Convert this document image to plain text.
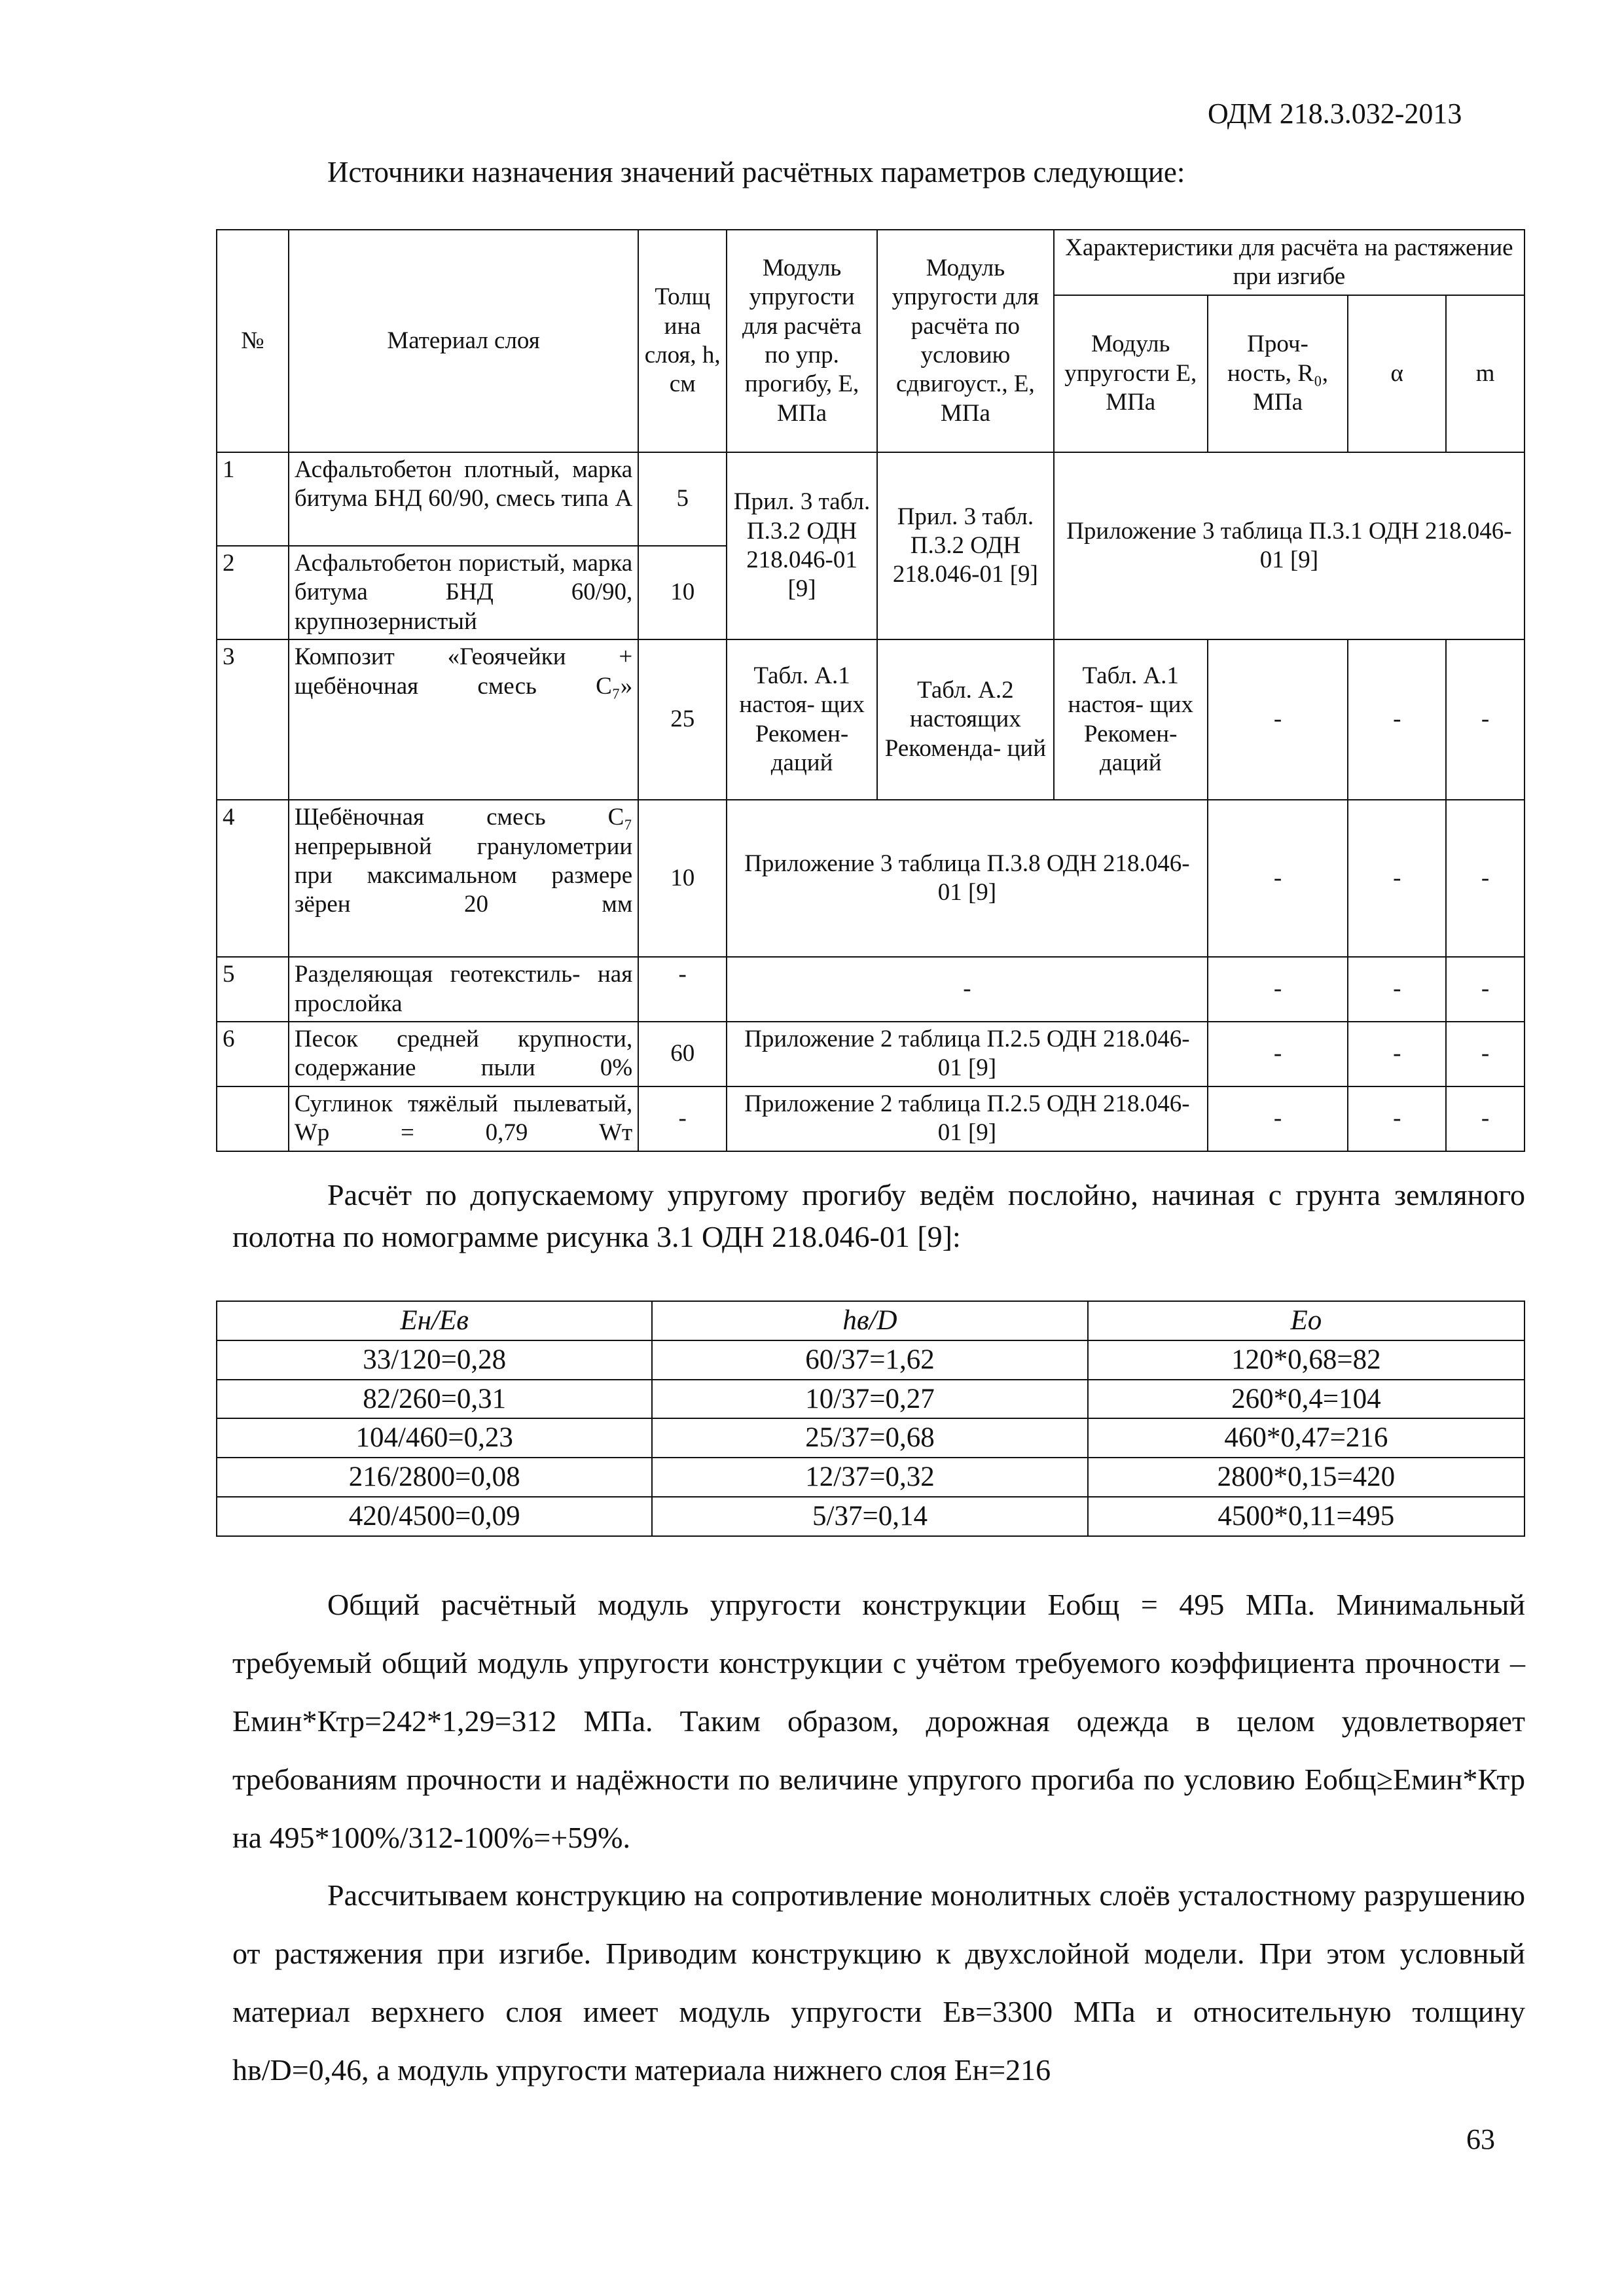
ОДМ 218.3.032-2013
Источники назначения значений расчётных параметров следующие:
№	Материал слоя	Толщ ина слоя, h, см	Модуль упругости для расчёта по упр. прогибу, Е, МПа	Модуль упругости для расчёта по условию сдвигоуст., Е, МПа	Характеристики для расчёта на растяжение при изгибе			
					Модуль упругости Е, МПа	Проч- ность, R₀, МПа	α	m
1	Асфальтобетон плотный, марка битума БНД 60/90, смесь типа А	5	Прил. 3 табл. П.3.2 ОДН 218.046-01 [9]	Прил. 3 табл. П.3.2 ОДН 218.046-01 [9]	Приложение 3 таблица П.3.1 ОДН 218.046-01 [9]			
2	Асфальтобетон пористый, марка битума БНД 60/90, крупнозернистый	10						
3	Композит «Геоячейки + щебёночная смесь С₇»	25	Табл. А.1 настоя- щих Рекомен- даций	Табл. А.2 настоящих Рекоменда- ций	Табл. А.1 настоя- щих Рекомен- даций	-	-	-
4	Щебёночная смесь С₇ непрерывной гранулометрии при максимальном размере зёрен 20 мм	10	Приложение 3 таблица П.3.8 ОДН 218.046-01 [9]			-	-	-
5	Разделяющая геотекстиль- ная прослойка	-	-			-	-	-
6	Песок средней крупности, содержание пыли 0%	60	Приложение 2 таблица П.2.5 ОДН 218.046-01 [9]			-	-	-
	Суглинок тяжёлый пылеватый, Wр = 0,79 Wт	-	Приложение 2 таблица П.2.5 ОДН 218.046-01 [9]			-	-	-

Расчёт по допускаемому упругому прогибу ведём послойно, начиная с грунта земляного полотна по номограмме рисунка 3.1 ОДН 218.046-01 [9]:

Ен/Ев	hв/D	Eо
33/120=0,28	60/37=1,62	120*0,68=82
82/260=0,31	10/37=0,27	260*0,4=104
104/460=0,23	25/37=0,68	460*0,47=216
216/2800=0,08	12/37=0,32	2800*0,15=420
420/4500=0,09	5/37=0,14	4500*0,11=495

Общий расчётный модуль упругости конструкции Еобщ = 495 МПа. Минимальный требуемый общий модуль упругости конструкции с учётом требуемого коэффициента прочности – Емин*Ктр=242*1,29=312 МПа. Таким образом, дорожная одежда в целом удовлетворяет требованиям прочности и надёжности по величине упругого прогиба по условию Еобщ≥Емин*Ктр на 495*100%/312-100%=+59%.

Рассчитываем конструкцию на сопротивление монолитных слоёв усталостному разрушению от растяжения при изгибе. Приводим конструкцию к двухслойной модели. При этом условный материал верхнего слоя имеет модуль упругости Ев=3300 МПа и относительную толщину hв/D=0,46, а модуль упругости материала нижнего слоя Ен=216

63
